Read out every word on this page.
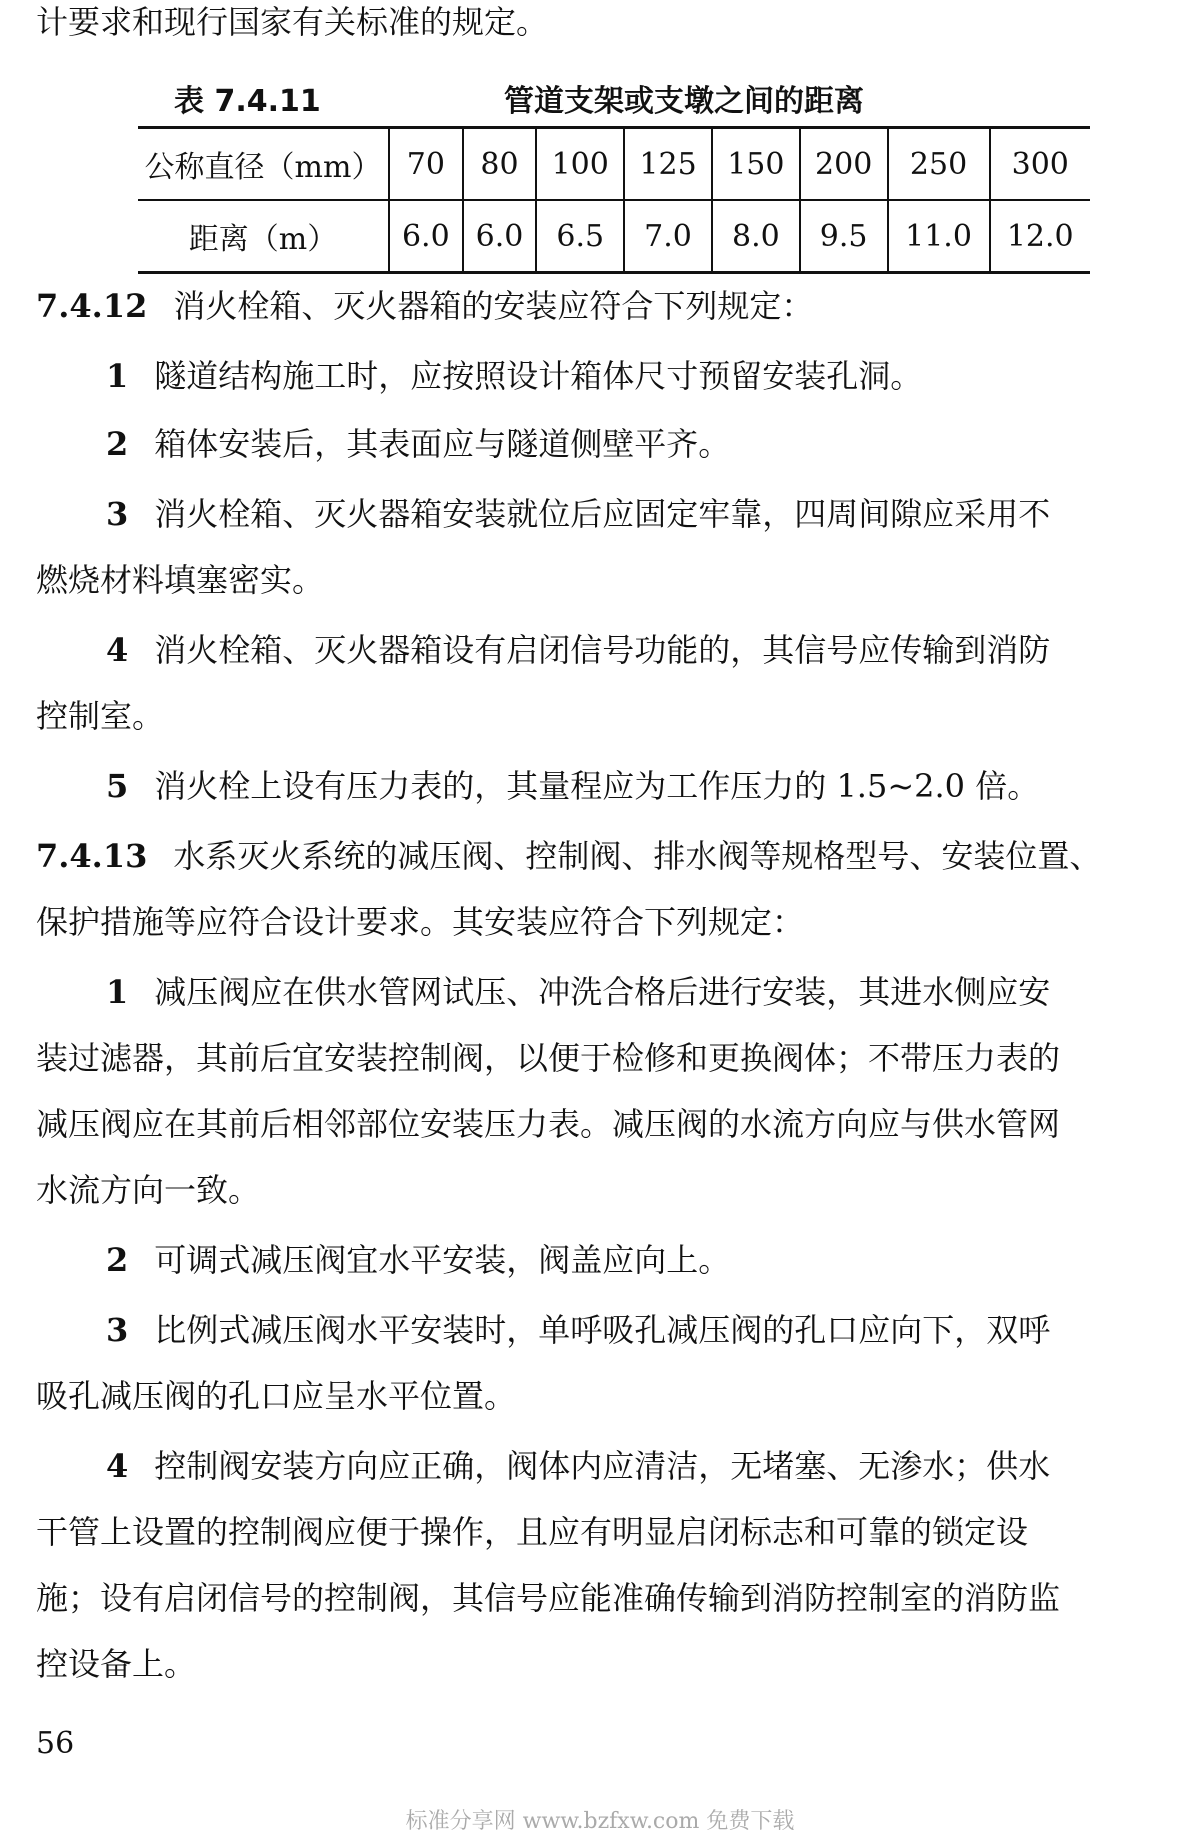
计要求和现行国家有关标准的规定。
表 7.4.11	管道支架或支墩之间的距离
公称直径（mm）	70	80	100	125	150	200	250	300
距离（m）	6.0	6.0	6.5	7.0	8.0	9.5	11.0	12.0
7.4.12 消火栓箱、灭火器箱的安装应符合下列规定：
1 隧道结构施工时，应按照设计箱体尺寸预留安装孔洞。
2 箱体安装后，其表面应与隧道侧壁平齐。
3 消火栓箱、灭火器箱安装就位后应固定牢靠，四周间隙应采用不
燃烧材料填塞密实。
4 消火栓箱、灭火器箱设有启闭信号功能的，其信号应传输到消防
控制室。
5 消火栓上设有压力表的，其量程应为工作压力的 1.5~2.0 倍。
7.4.13 水系灭火系统的减压阀、控制阀、排水阀等规格型号、安装位置、
保护措施等应符合设计要求。其安装应符合下列规定：
1 减压阀应在供水管网试压、冲洗合格后进行安装，其进水侧应安
装过滤器，其前后宜安装控制阀，以便于检修和更换阀体；不带压力表的
减压阀应在其前后相邻部位安装压力表。减压阀的水流方向应与供水管网
水流方向一致。
2 可调式减压阀宜水平安装，阀盖应向上。
3 比例式减压阀水平安装时，单呼吸孔减压阀的孔口应向下，双呼
吸孔减压阀的孔口应呈水平位置。
4 控制阀安装方向应正确，阀体内应清洁，无堵塞、无渗水；供水
干管上设置的控制阀应便于操作，且应有明显启闭标志和可靠的锁定设
施；设有启闭信号的控制阀，其信号应能准确传输到消防控制室的消防监
控设备上。
56
标准分享网 www.bzfxw.com 免费下载
